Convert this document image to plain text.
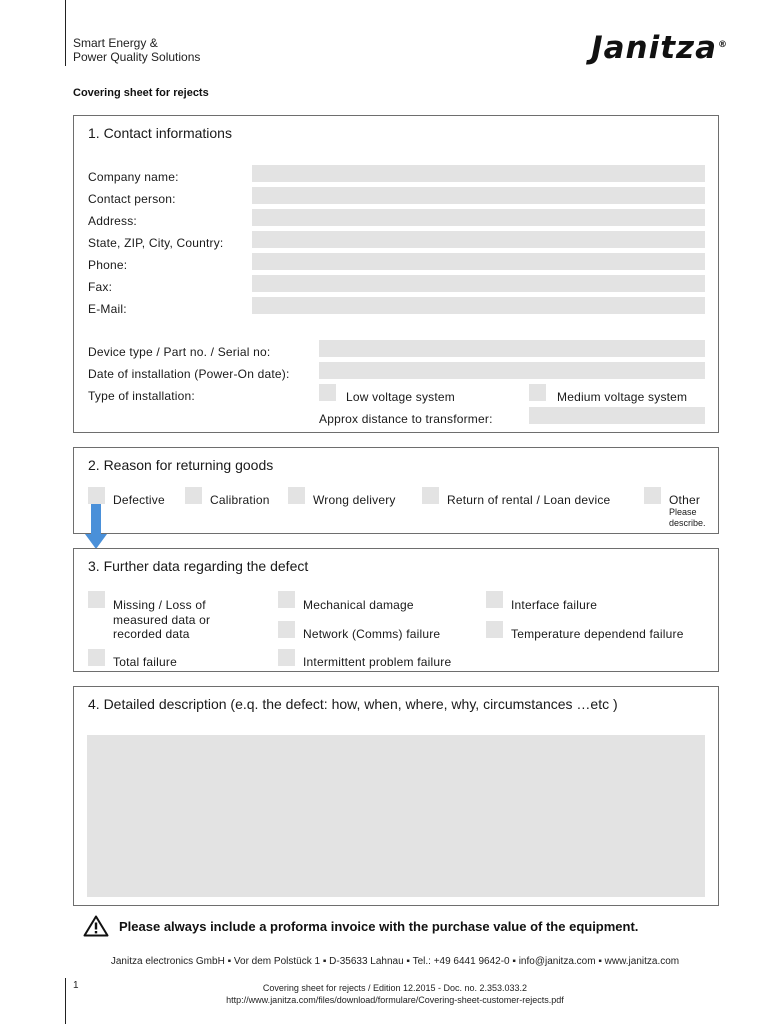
Smart Energy &
Power Quality Solutions	Janitza®
Covering sheet for rejects
1. Contact informations
Company name:
Contact person:
Address:
State, ZIP, City, Country:
Phone:
Fax:
E-Mail:
Device type / Part no. / Serial no:
Date of installation (Power-On date):
Type of installation:	Low voltage system	Medium voltage system
Approx distance to transformer:
2. Reason for returning goods
Defective	Calibration	Wrong delivery	Return of rental / Loan device	Other
Please
describe.
3. Further data regarding the defect
Missing / Loss of
measured data or
recorded data
Mechanical damage	Interface failure
Network (Comms) failure	Temperature dependend failure
Total failure	Intermittent problem failure
4. Detailed description (e.q. the defect: how, when, where, why, circumstances …etc )
Please always include a proforma invoice with the purchase value of the equipment.
Janitza electronics GmbH ▪ Vor dem Polstück 1 ▪ D-35633 Lahnau ▪ Tel.: +49 6441 9642-0 ▪ info@janitza.com ▪ www.janitza.com
1	Covering sheet for rejects / Edition 12.2015 - Doc. no. 2.353.033.2
http://www.janitza.com/files/download/formulare/Covering-sheet-customer-rejects.pdf
